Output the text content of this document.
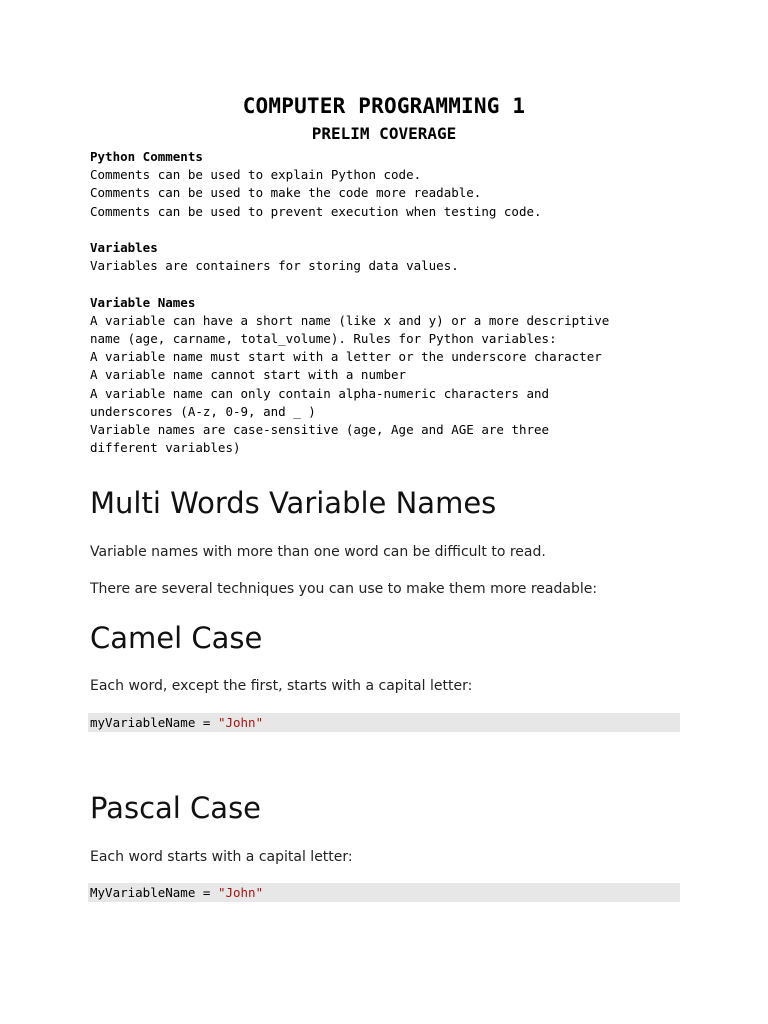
COMPUTER PROGRAMMING 1
PRELIM COVERAGE
Python Comments
Comments can be used to explain Python code.
Comments can be used to make the code more readable.
Comments can be used to prevent execution when testing code.
Variables
Variables are containers for storing data values.
Variable Names
A variable can have a short name (like x and y) or a more descriptive
name (age, carname, total_volume). Rules for Python variables:
A variable name must start with a letter or the underscore character
A variable name cannot start with a number
A variable name can only contain alpha-numeric characters and
underscores (A-z, 0-9, and _ )
Variable names are case-sensitive (age, Age and AGE are three
different variables)
Multi Words Variable Names
Variable names with more than one word can be difficult to read.
There are several techniques you can use to make them more readable:
Camel Case
Each word, except the first, starts with a capital letter:
myVariableName = "John"
Pascal Case
Each word starts with a capital letter:
MyVariableName = "John"
